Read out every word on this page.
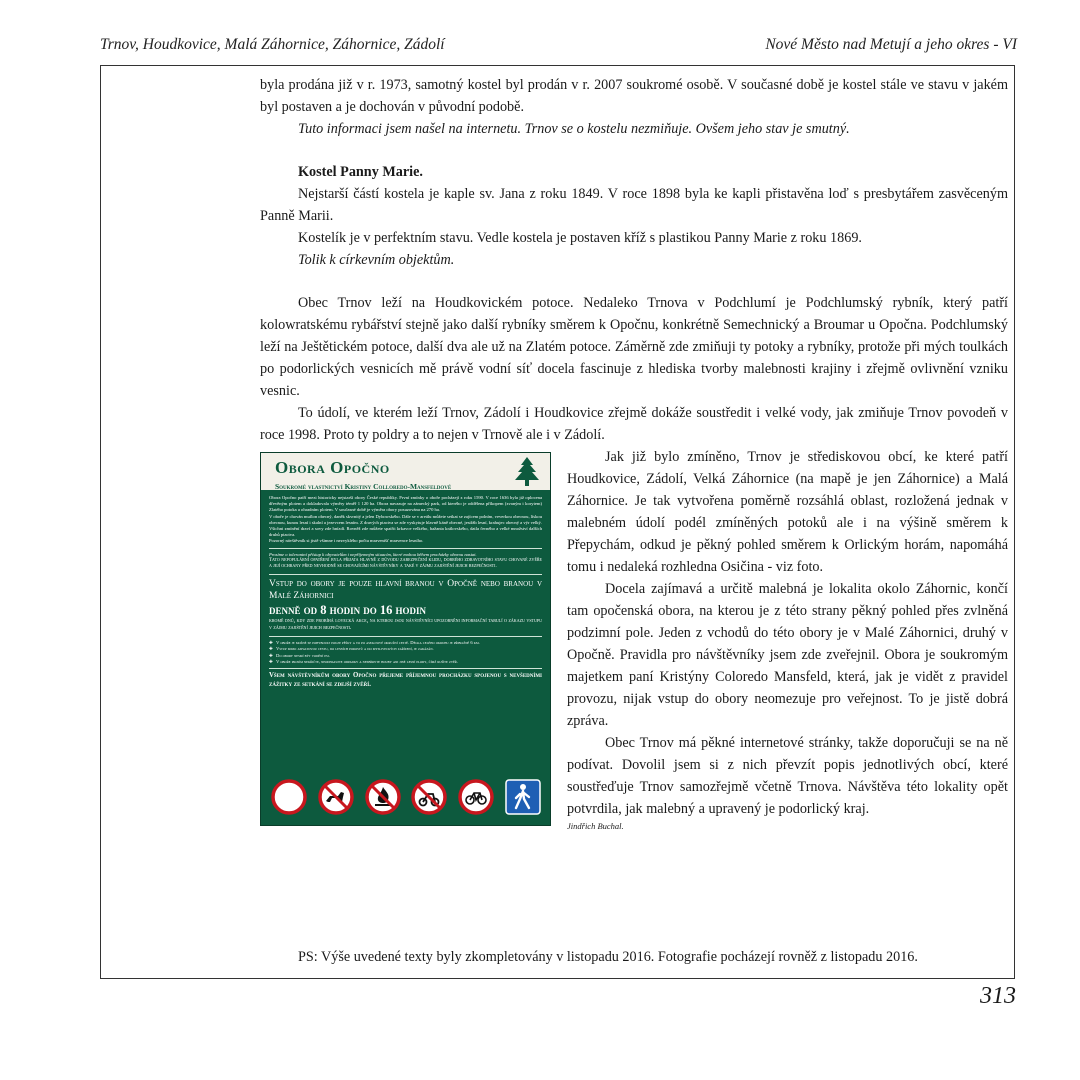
Trnov, Houdkovice, Malá Záhornice, Záhornice, Zádolí	Nové Město nad Metují a jeho okres - VI

byla prodána již v r. 1973, samotný kostel byl prodán v r. 2007 soukromé osobě. V současné době je kostel stále ve stavu v jakém byl postaven a je dochován v původní podobě.

Tuto informaci jsem našel na internetu. Trnov se o kostelu nezmiňuje. Ovšem jeho stav je smutný.

Kostel Panny Marie.

Nejstarší částí kostela je kaple sv. Jana z roku 1849. V roce 1898 byla ke kapli přistavěna loď s presbytářem zasvěceným Panně Marii.

Kostelík je v perfektním stavu. Vedle kostela je postaven kříž s plastikou Panny Marie z roku 1869.

Tolik k církevním objektům.

Obec Trnov leží na Houdkovickém potoce. Nedaleko Trnova v Podchlumí je Podchlumský rybník, který patří kolowratskému rybářství stejně jako další rybníky směrem k Opočnu, konkrétně Semechnický a Broumar u Opočna. Podchlumský leží na Ještětickém potoce, další dva ale už na Zlatém potoce. Záměrně zde zmiňuji ty potoky a rybníky, protože při mých toulkách po podorlických vesnicích mě právě vodní síť docela fascinuje z hlediska tvorby malebnosti krajiny i zřejmě ovlivnění vzniku vesnic.

To údolí, ve kterém leží Trnov, Zádolí i Houdkovice zřejmě dokáže soustředit i velké vody, jak zmiňuje Trnov povodeň v roce 1998. Proto ty poldry a to nejen v Trnově ale i v Zádolí.

Obora Opočno
Soukromé vlastnictví Kristiny Colloredo-Mansfeldové

Obora Opočno patří mezi historicky nejstarší obory České republiky. První zmínky o oboře pocházejí z roku 1590. V roce 1636 byla již oplocena dřevěným plotem a dokladovala výměry téměř 1 120 ha. Obora navazuje na zámecký park, od kterého je oddělena příkopem (zvaným i korytem) Zlatého potoka a ohradním plotem. V současné době je výměra obory posuzována na 270 ha.

V oboře je chován muflon obecný, daněk skvrnitý a jelen Dybowského. Dále se v areálu můžete setkat se zajícem polním, veverkou obecnou, lískou obecnou, kunou lesní i skalní a jezevcem lesním. Z dravých ptactva se zde vyskytuje hlavně káně obecné, jestřáb lesní, krahujec obecný a výr velký. Všichni zmínění draví a sovy zde hnízdí. Rovněž zde můžete spatřit krkavce velkého, bažanta královského, datla černého a velké množství dalších druhů ptactva.

Pozorný návštěvník si jistě všimne i nezvyklého počtu mravenišť mravence lesního.

Prosíme o tolerantní přístup k obyvatelům i nepříjemným situacím, které mohou během procházky oborou nastat.

Tato nepopulární opatření byla přijata hlavně z důvodu zabezpečení klidu, dobrého zdravotního stavu chované zvěře a její ochrany před nevhodně se chovajícími návštěvníky a také v zájmu zajištění jejich bezpečnosti.

Vstup do obory je pouze hlavní branou v Opočně nebo branou v Malé Záhornici

denně od 8 hodin do 16 hodin

kromě dnů, kdy zde probíhá lovecká akce, na kterou jsou návštěvníci upozorněni informační tabulí o zákazu vstupu v zájmu zajištění jejich bezpečnosti.

✚ V oboře je možné se pohybovat pouze pěšky a to po asfaltové okružní cestě. Délka celého okruhu je přibližně 6 km.
✚ Vstup mimo asfaltovou cestu, do lesních porostů a do mysliveckých zařízení, je zakázán.
✚ Do obory nesmí být vodění psi.
✚ V oboře prosím nekřičte, neodhazujte odpadky a nesbírejte houby ani jiné lesní plody, čímž rušíte zvěř.

Všem návštěvníkům obory Opočno přejeme příjemnou procházku spojenou s nevšedními zážitky ze setkání se zdejší zvěří.

Jak již bylo zmíněno, Trnov je střediskovou obcí, ke které patří Houdkovice, Zádolí, Velká Záhornice (na mapě je jen Záhornice) a Malá Záhornice. Je tak vytvořena poměrně rozsáhlá oblast, rozložená jednak v malebném údolí podél zmíněných potoků ale i na výšině směrem k Přepychám, odkud je pěkný pohled směrem k Orlickým horám, napomáhá tomu i nedaleká rozhledna Osičina - viz foto.

Docela zajímavá a určitě malebná je lokalita okolo Záhornic, končí tam opočenská obora, na kterou je z této strany pěkný pohled přes zvlněná podzimní pole. Jeden z vchodů do této obory je v Malé Záhornici, druhý v Opočně. Pravidla pro návštěvníky jsem zde zveřejnil. Obora je soukromým majetkem paní Kristýny Coloredo Mansfeld, která, jak je vidět z pravidel provozu, nijak vstup do obory neomezuje pro veřejnost. To je jistě dobrá zpráva.

Obec Trnov má pěkné internetové stránky, takže doporučuji se na ně podívat. Dovolil jsem si z nich převzít popis jednotlivých obcí, které soustřeďuje Trnov samozřejmě včetně Trnova. Návštěva této lokality opět potvrdila, jak malebný a upravený je podorlický kraj.

Jindřich Buchal.

PS: Výše uvedené texty byly zkompletovány v listopadu 2016. Fotografie pocházejí rovněž z listopadu 2016.
313
